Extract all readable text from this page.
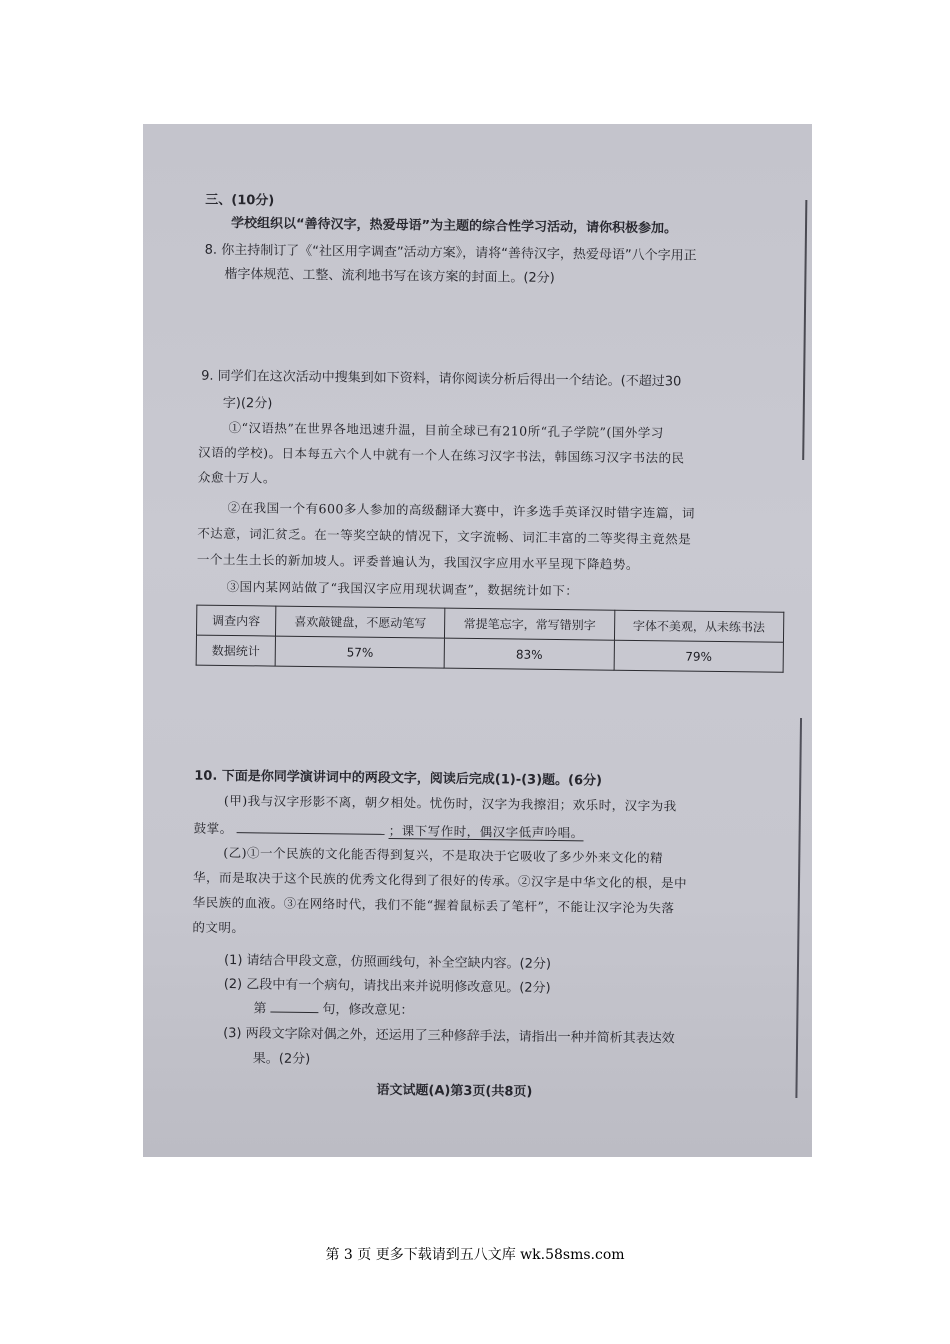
三、(10分)
学校组织以“善待汉字，热爱母语”为主题的综合性学习活动，请你积极参加。
8. 你主持制订了《“社区用字调查”活动方案》，请将“善待汉字，热爱母语”八个字用正
楷字体规范、工整、流利地书写在该方案的封面上。(2分)
9. 同学们在这次活动中搜集到如下资料，请你阅读分析后得出一个结论。(不超过30
字)(2分)
①“汉语热”在世界各地迅速升温，目前全球已有210所“孔子学院”(国外学习
汉语的学校)。日本每五六个人中就有一个人在练习汉字书法，韩国练习汉字书法的民
众愈十万人。
②在我国一个有600多人参加的高级翻译大赛中，许多选手英译汉时错字连篇，词
不达意，词汇贫乏。在一等奖空缺的情况下，文字流畅、词汇丰富的二等奖得主竟然是
一个土生土长的新加坡人。评委普遍认为，我国汉字应用水平呈现下降趋势。
③国内某网站做了“我国汉字应用现状调查”，数据统计如下：
调查内容	喜欢敲键盘，不愿动笔写	常提笔忘字，常写错别字	字体不美观，从未练书法
数据统计	57%	83%	79%
10. 下面是你同学演讲词中的两段文字，阅读后完成(1)-(3)题。(6分)
(甲)我与汉字形影不离，朝夕相处。忧伤时，汉字为我擦泪；欢乐时，汉字为我
鼓掌。	；课下写作时，偶汉字低声吟唱。
(乙)①一个民族的文化能否得到复兴，不是取决于它吸收了多少外来文化的精
华，而是取决于这个民族的优秀文化得到了很好的传承。②汉字是中华文化的根，是中
华民族的血液。③在网络时代，我们不能“握着鼠标丢了笔杆”，不能让汉字沦为失落
的文明。
(1) 请结合甲段文意，仿照画线句，补全空缺内容。(2分)
(2) 乙段中有一个病句，请找出来并说明修改意见。(2分)
第	句，修改意见：
(3) 两段文字除对偶之外，还运用了三种修辞手法，请指出一种并简析其表达效
果。(2分)
语文试题(A)第3页(共8页)
第 3 页 更多下载请到五八文库 wk.58sms.com
